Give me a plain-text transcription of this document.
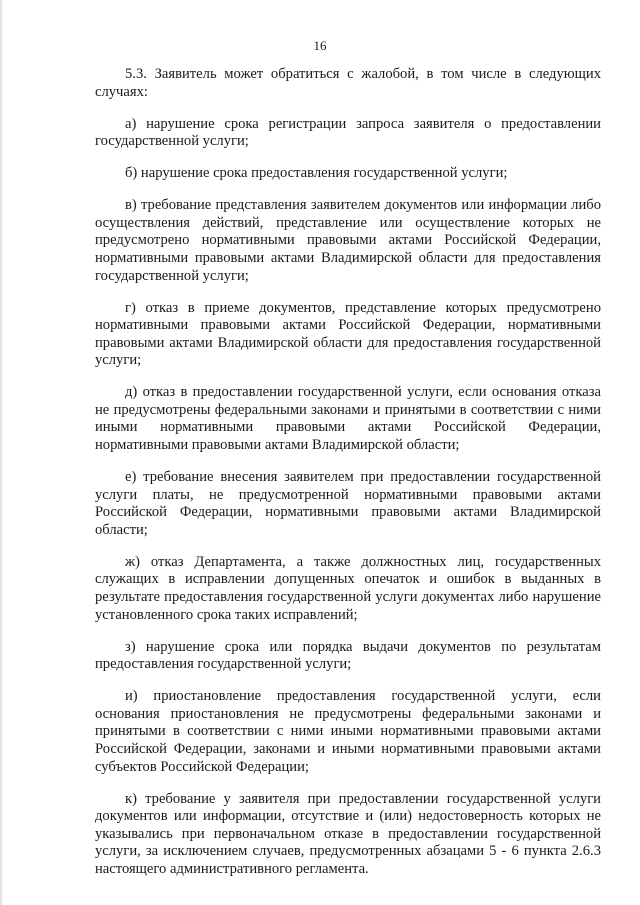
16

5.3. Заявитель может обратиться с жалобой, в том числе в следующих случаях:

а) нарушение срока регистрации запроса заявителя о предоставлении государственной услуги;

б) нарушение срока предоставления государственной услуги;

в) требование представления заявителем документов или информации либо осуществления действий, представление или осуществление которых не предусмотрено нормативными правовыми актами Российской Федерации, нормативными правовыми актами Владимирской области для предоставления государственной услуги;

г) отказ в приеме документов, представление которых предусмотрено нормативными правовыми актами Российской Федерации, нормативными правовыми актами Владимирской области для предоставления государственной услуги;

д) отказ в предоставлении государственной услуги, если основания отказа не предусмотрены федеральными законами и принятыми в соответствии с ними иными нормативными правовыми актами Российской Федерации, нормативными правовыми актами Владимирской области;

е) требование внесения заявителем при предоставлении государственной услуги платы, не предусмотренной нормативными правовыми актами Российской Федерации, нормативными правовыми актами Владимирской области;

ж) отказ Департамента, а также должностных лиц, государственных служащих в исправлении допущенных опечаток и ошибок в выданных в результате предоставления государственной услуги документах либо нарушение установленного срока таких исправлений;

з) нарушение срока или порядка выдачи документов по результатам предоставления государственной услуги;

и) приостановление предоставления государственной услуги, если основания приостановления не предусмотрены федеральными законами и принятыми в соответствии с ними иными нормативными правовыми актами Российской Федерации, законами и иными нормативными правовыми актами субъектов Российской Федерации;

к) требование у заявителя при предоставлении государственной услуги документов или информации, отсутствие и (или) недостоверность которых не указывались при первоначальном отказе в предоставлении государственной услуги, за исключением случаев, предусмотренных абзацами 5 - 6 пункта 2.6.3 настоящего административного регламента.
